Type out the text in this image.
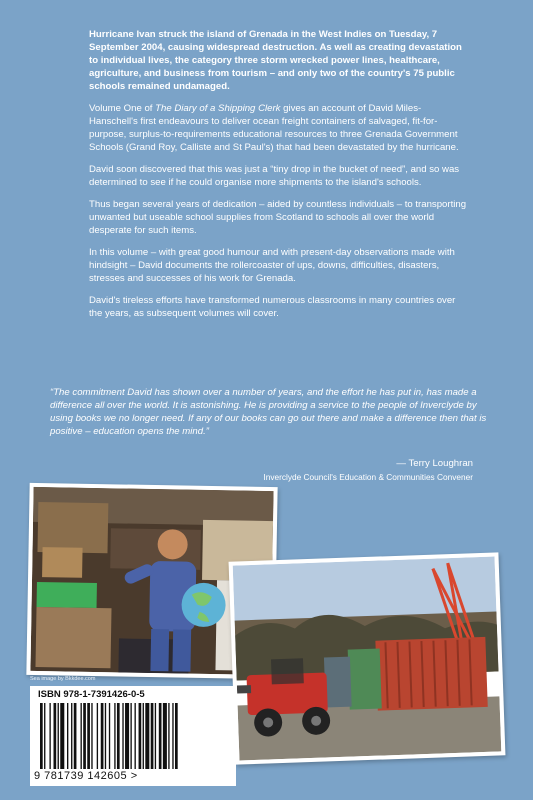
Hurricane Ivan struck the island of Grenada in the West Indies on Tuesday, 7 September 2004, causing widespread destruction. As well as creating devastation to individual lives, the category three storm wrecked power lines, healthcare, agriculture, and business from tourism – and only two of the country's 75 public schools remained undamaged.

Volume One of The Diary of a Shipping Clerk gives an account of David Miles-Hanschell's first endeavours to deliver ocean freight containers of salvaged, fit-for-purpose, surplus-to-requirements educational resources to three Grenada Government Schools (Grand Roy, Calliste and St Paul's) that had been devastated by the hurricane.

David soon discovered that this was just a “tiny drop in the bucket of need”, and so was determined to see if he could organise more shipments to the island's schools.

Thus began several years of dedication – aided by countless individuals – to transporting unwanted but useable school supplies from Scotland to schools all over the world desperate for such items.

In this volume – with great good humour and with present-day observations made with hindsight – David documents the rollercoaster of ups, downs, difficulties, disasters, stresses and successes of his work for Grenada.

David's tireless efforts have transformed numerous classrooms in many countries over the years, as subsequent volumes will cover.

“The commitment David has shown over a number of years, and the effort he has put in, has made a difference all over the world. It is astonishing. He is providing a service to the people of Inverclyde by using books we no longer need. If any of our books can go out there and make a difference then that is positive – education opens the mind.”
— Terry Loughran
Inverclyde Council's Education & Communities Convener
Sea image by Bkkdee.com
ISBN 978-1-7391426-0-5
9 781739 142605 >
